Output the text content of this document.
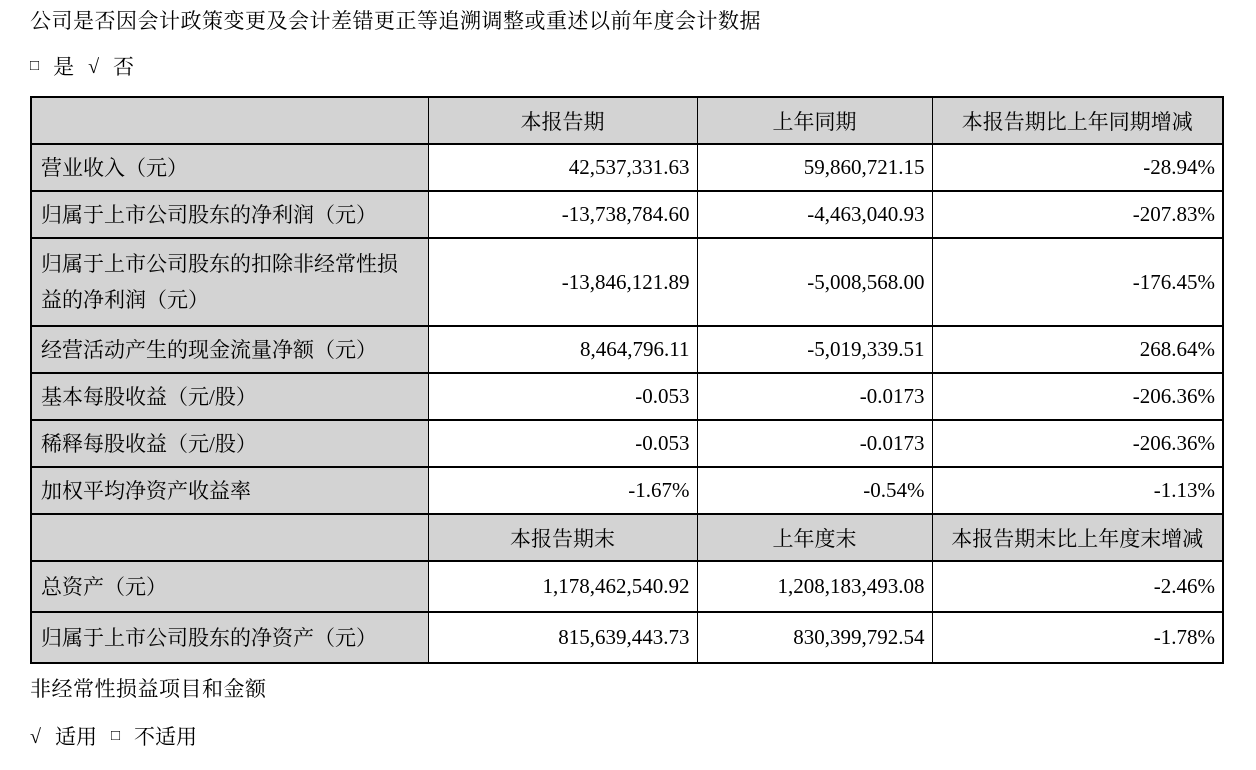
公司是否因会计政策变更及会计差错更正等追溯调整或重述以前年度会计数据

□ 是 √ 否
	本报告期	上年同期	本报告期比上年同期增减
营业收入（元）	42,537,331.63	59,860,721.15	-28.94%
归属于上市公司股东的净利润（元）	-13,738,784.60	-4,463,040.93	-207.83%
归属于上市公司股东的扣除非经常性损益的净利润（元）	-13,846,121.89	-5,008,568.00	-176.45%
经营活动产生的现金流量净额（元）	8,464,796.11	-5,019,339.51	268.64%
基本每股收益（元/股）	-0.053	-0.0173	-206.36%
稀释每股收益（元/股）	-0.053	-0.0173	-206.36%
加权平均净资产收益率	-1.67%	-0.54%	-1.13%
	本报告期末	上年度末	本报告期末比上年度末增减
总资产（元）	1,178,462,540.92	1,208,183,493.08	-2.46%
归属于上市公司股东的净资产（元）	815,639,443.73	830,399,792.54	-1.78%

非经常性损益项目和金额

√ 适用 □ 不适用
